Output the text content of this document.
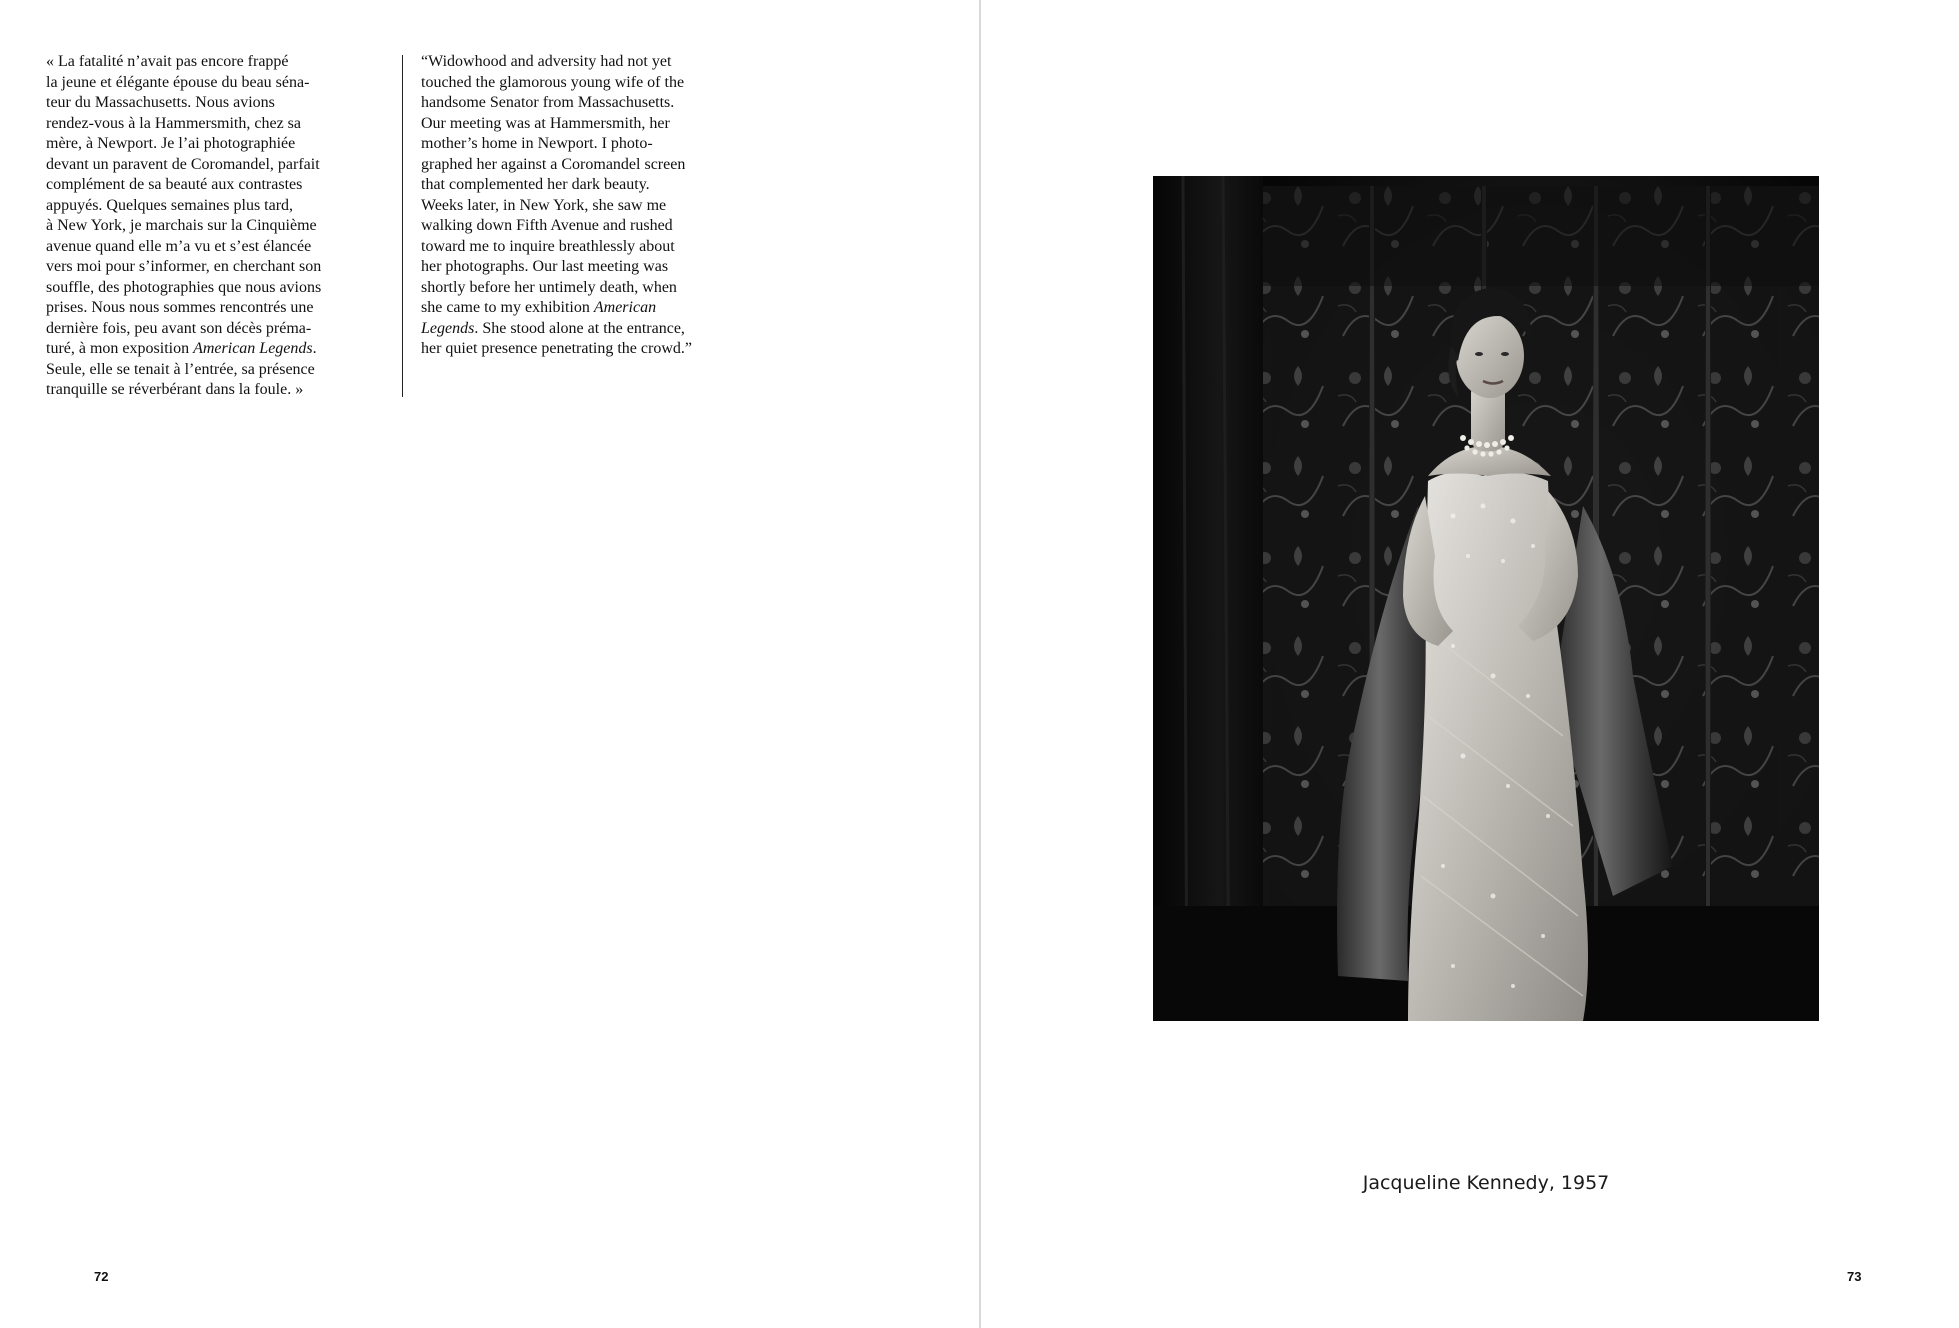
« La fatalité n’avait pas encore frappé
la jeune et élégante épouse du beau séna-
teur du Massachusetts. Nous avions
rendez-vous à la Hammersmith, chez sa
mère, à Newport. Je l’ai photographiée
devant un paravent de Coromandel, parfait
complément de sa beauté aux contrastes
appuyés. Quelques semaines plus tard,
à New York, je marchais sur la Cinquième
avenue quand elle m’a vu et s’est élancée
vers moi pour s’informer, en cherchant son
souffle, des photographies que nous avions
prises. Nous nous sommes rencontrés une
dernière fois, peu avant son décès préma-
turé, à mon exposition American Legends.
Seule, elle se tenait à l’entrée, sa présence
tranquille se réverbérant dans la foule. »
“Widowhood and adversity had not yet
touched the glamorous young wife of the
handsome Senator from Massachusetts.
Our meeting was at Hammersmith, her
mother’s home in Newport. I photo-
graphed her against a Coromandel screen
that complemented her dark beauty.
Weeks later, in New York, she saw me
walking down Fifth Avenue and rushed
toward me to inquire breathlessly about
her photographs. Our last meeting was
shortly before her untimely death, when
she came to my exhibition American
Legends. She stood alone at the entrance,
her quiet presence penetrating the crowd.”
72
Jacqueline Kennedy, 1957
73
